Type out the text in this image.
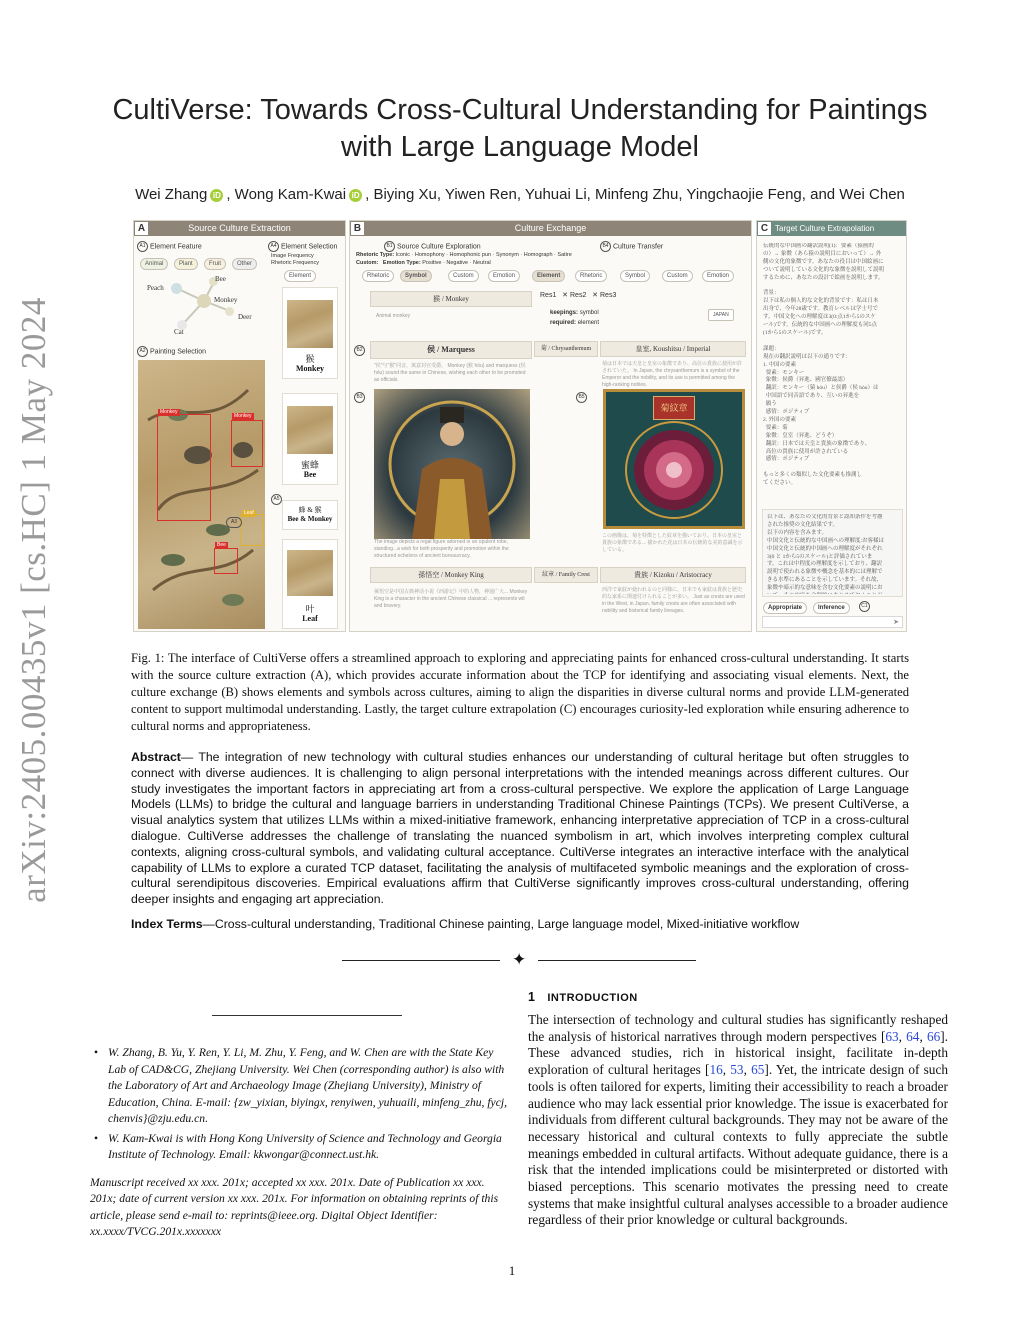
arXiv:2405.00435v1 [cs.HC] 1 May 2024
CultiVerse: Towards Cross-Cultural Understanding for Paintings with Large Language Model
Wei Zhang iD , Wong Kam-Kwai iD , Biying Xu, Yiwen Ren, Yuhuai Li, Minfeng Zhu, Yingchaojie Feng, and Wei Chen
A	Source Culture Extraction
A1 Element Feature	A4 Element Selection
Animal	Plant	Fruit	Other
Image Frequency
Rhetoric Frequency
Element
Bee
Peach
Monkey
Deer
Cat
A2 Painting Selection
Monkey
Monkey
Leaf
Bee
A3
猴
Monkey
蜜蜂
Bee
A5
蜂 & 猴
Bee & Monkey
叶
Leaf
B	Culture Exchange
B1 Source Culture Exploration	B4 Culture Transfer
Rhetoric Type: Iconic · Homophony · Homophonic pun · Synonym · Homograph · Satire
Custom: Emotion Type: Positive · Negative · Neutral
Rhetoric	Symbol	Custom	Emotion	Element	Rhetoric	Symbol	Custom	Emotion
猴 / Monkey
Animal monkey
侯 / Marquess
B2
"侯"与"猴"同音，寓意封官受爵。 Monkey (猴 hóu) and marquess (侯 hóu) sound the same in Chinese, wishing each other to be promoted as officials.
B3
The image depicts a regal figure adorned in an opulent robe, standing...a wish for both prosperity and promotion within the structured echelons of ancient bureaucracy.
孫悟空 / Monkey King
孫悟空是中国古典神话小说《西游记》中的人物，神通广大... Monkey King is a character in the ancient Chinese classical ... represents wit and bravery.
Res1   ✕ Res2   ✕ Res3
keepings: symbol
required: element
JAPAN
菊 / Chrysanthemum	皇室, Koushitsu / Imperial
菊は日本では天皇と皇室の象徴であり、高位の貴族に使用が許されていた。 In Japan, the chrysanthemum is a symbol of the Emperor and the nobility, and its use is permitted among the high-ranking nobles.
B5
菊紋章
この画像は、菊を特徴とした紋章を描いており、日本の皇室と貴族の象徴である... 描かれた花は日本の伝統的な美的意識を示している。
紋章 / Family Crest	貴族 / Kizoku / Aristocracy
西洋で家紋が使われるのと同様に、日本でも家紋は貴族と歴史的な家系に関連付けられることが多い。 Just as crests are used in the West, in Japan, family crests are often associated with nobility and historical family lineages.
C Target Culture Extrapolation
伝統的な中国画の翻訳説明(1)：要素（猿画的
の）→ 象徴（あら猿の説明目においって）→ 外
側の文化的象徴です。あなたの役目は中国絵画に
ついて説明している文化的な象徴を説明して説明
するために、あなたの設計で絵画を説明します。

背景：
以下は私の個人的な文化的背景です：私は日本
出身で、今年28歳です。教育レベルは学士号で
す。中国文化への理解度は3(0:点1から5のスケ
ール)です。伝統的な中国画への理解度も同5点
(1から5のスケール)です。

課題：
現在の翻訳説明は以下の通りです：
1. 中国の要素
要素：モンキー
象徴：侯爵（昇進、國官僚最認）
翻訳：モンキー（猿 hóu）と侯爵（侯 hóu）は
中国語で同音語であり、互いの昇進を
願う
感情：ポジティブ
2. 外国の要素
要素：菊
象徴：皇室（昇進、どうぞ）
翻訳：日本では天皇と貴族の象徴であり、
高位の貴族に使用が許されている
感情：ポジティブ

もっと多くの類似した文化要素も推測し
てください。
以下は、あなたの文化的背景と認知条件を考慮
された推奨の文化結果です。
以下の内容を含みます。
中国文化と伝統的な中国画への理解度:お客様は
中国文化と伝統的中国画への理解度がそれぞれ
3(0 と 1から5のスケール)と評価されていま
す。これは中程度の理解度を示しており、翻訳
説明で使われる象徴や概念を基本的には理解で
きる水準にあることを示しています。それ故、
象徴や暗示的な意味を含む文化要素の説明にお

Appropriate	Inference	C1
➤
Fig. 1: The interface of CultiVerse offers a streamlined approach to exploring and appreciating paints for enhanced cross-cultural understanding. It starts with the source culture extraction (A), which provides accurate information about the TCP for identifying and associating visual elements. Next, the culture exchange (B) shows elements and symbols across cultures, aiming to align the disparities in diverse cultural norms and provide LLM-generated content to support multimodal understanding. Lastly, the target culture extrapolation (C) encourages curiosity-led exploration while ensuring adherence to cultural norms and appropriateness.
Abstract— The integration of new technology with cultural studies enhances our understanding of cultural heritage but often struggles to connect with diverse audiences. It is challenging to align personal interpretations with the intended meanings across different cultures. Our study investigates the important factors in appreciating art from a cross-cultural perspective. We explore the application of Large Language Models (LLMs) to bridge the cultural and language barriers in understanding Traditional Chinese Paintings (TCPs). We present CultiVerse, a visual analytics system that utilizes LLMs within a mixed-initiative framework, enhancing interpretative appreciation of TCP in a cross-cultural dialogue. CultiVerse addresses the challenge of translating the nuanced symbolism in art, which involves interpreting complex cultural contexts, aligning cross-cultural symbols, and validating cultural acceptance. CultiVerse integrates an interactive interface with the analytical capability of LLMs to explore a curated TCP dataset, facilitating the analysis of multifaceted symbolic meanings and the exploration of cross-cultural serendipitous discoveries. Empirical evaluations affirm that CultiVerse significantly improves cross-cultural understanding, offering deeper insights and engaging art appreciation.
Index Terms—Cross-cultural understanding, Traditional Chinese painting, Large language model, Mixed-initiative workflow
✦
• W. Zhang, B. Yu, Y. Ren, Y. Li, M. Zhu, Y. Feng, and W. Chen are with the State Key Lab of CAD&CG, Zhejiang University. Wei Chen (corresponding author) is also with the Laboratory of Art and Archaeology Image (Zhejiang University), Ministry of Education, China. E-mail: {zw_yixian, biyingx, renyiwen, yuhuaili, minfeng_zhu, fycj, chenvis}@zju.edu.cn.
• W. Kam-Kwai is with Hong Kong University of Science and Technology and Georgia Institute of Technology. Email: kkwongar@connect.ust.hk.
Manuscript received xx xxx. 201x; accepted xx xxx. 201x. Date of Publication xx xxx. 201x; date of current version xx xxx. 201x. For information on obtaining reprints of this article, please send e-mail to: reprints@ieee.org. Digital Object Identifier: xx.xxxx/TVCG.201x.xxxxxxx
1 INTRODUCTION
The intersection of technology and cultural studies has significantly reshaped the analysis of historical narratives through modern perspectives [63, 64, 66]. These advanced studies, rich in historical insight, facilitate in-depth exploration of cultural heritages [16, 53, 65]. Yet, the intricate design of such tools is often tailored for experts, limiting their accessibility to reach a broader audience who may lack essential prior knowledge. The issue is exacerbated for individuals from different cultural backgrounds. They may not be aware of the necessary historical and cultural contexts to fully appreciate the subtle meanings embedded in cultural artifacts. Without adequate guidance, there is a risk that the intended implications could be misinterpreted or distorted with biased perceptions. This scenario motivates the pressing need to create systems that make insightful cultural analyses accessible to a broader audience regardless of their prior knowledge or cultural backgrounds.
1
